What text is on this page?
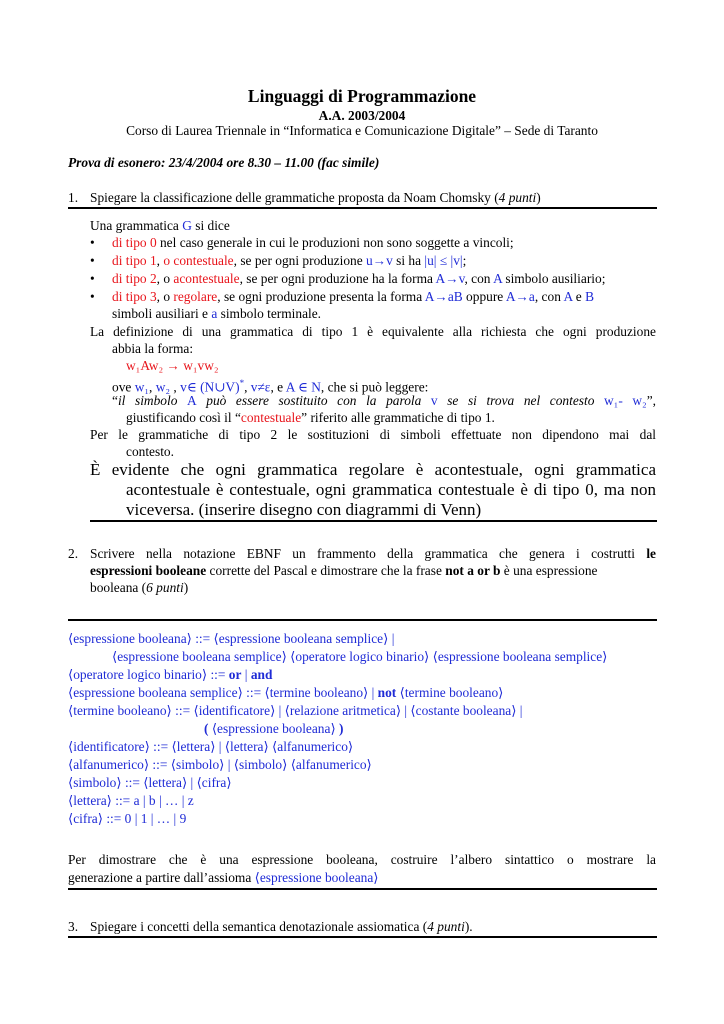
Linguaggi di Programmazione
A.A. 2003/2004
Corso di Laurea Triennale in “Informatica e Comunicazione Digitale” – Sede di Taranto
Prova di esonero: 23/4/2004 ore 8.30 – 11.00 (fac simile)
1. Spiegare la classificazione delle grammatiche proposta da Noam Chomsky (4 punti)
Una grammatica G si dice
• di tipo 0 nel caso generale in cui le produzioni non sono soggette a vincoli;
• di tipo 1, o contestuale, se per ogni produzione u→v si ha |u| ≤ |v|;
• di tipo 2, o acontestuale, se per ogni produzione ha la forma A→v, con A simbolo ausiliario;
• di tipo 3, o regolare, se ogni produzione presenta la forma A→aB oppure A→a, con A e B
simboli ausiliari e a simbolo terminale.
La definizione di una grammatica di tipo 1 è equivalente alla richiesta che ogni produzione
abbia la forma:
w₁Aw₂ → w₁vw₂
ove w₁, w₂ , v∈ (N∪V)*, v≠ε, e A ∈ N, che si può leggere:
“il simbolo A può essere sostituito con la parola v se si trova nel contesto w₁- w₂”,
giustificando così il “contestuale” riferito alle grammatiche di tipo 1.
Per le grammatiche di tipo 2 le sostituzioni di simboli effettuate non dipendono mai dal
contesto.
È evidente che ogni grammatica regolare è acontestuale, ogni grammatica
acontestuale è contestuale, ogni grammatica contestuale è di tipo 0, ma non
viceversa. (inserire disegno con diagrammi di Venn)
2. Scrivere nella notazione EBNF un frammento della grammatica che genera i costrutti le
espressioni booleane corrette del Pascal e dimostrare che la frase not a or b è una espressione
booleana (6 punti)
⟨espressione booleana⟩ ::= ⟨espressione booleana semplice⟩ |
⟨espressione booleana semplice⟩ ⟨operatore logico binario⟩ ⟨espressione booleana semplice⟩
⟨operatore logico binario⟩ ::= or | and
⟨espressione booleana semplice⟩ ::= ⟨termine booleano⟩ | not ⟨termine booleano⟩
⟨termine booleano⟩ ::= ⟨identificatore⟩ | ⟨relazione aritmetica⟩ | ⟨costante booleana⟩ |
( ⟨espressione booleana⟩ )
⟨identificatore⟩ ::= ⟨lettera⟩ | ⟨lettera⟩ ⟨alfanumerico⟩
⟨alfanumerico⟩ ::= ⟨simbolo⟩ | ⟨simbolo⟩ ⟨alfanumerico⟩
⟨simbolo⟩ ::= ⟨lettera⟩ | ⟨cifra⟩
⟨lettera⟩ ::= a | b | … | z
⟨cifra⟩ ::= 0 | 1 | … | 9
Per dimostrare che è una espressione booleana, costruire l’albero sintattico o mostrare la
generazione a partire dall’assioma ⟨espressione booleana⟩
3. Spiegare i concetti della semantica denotazionale assiomatica (4 punti).
